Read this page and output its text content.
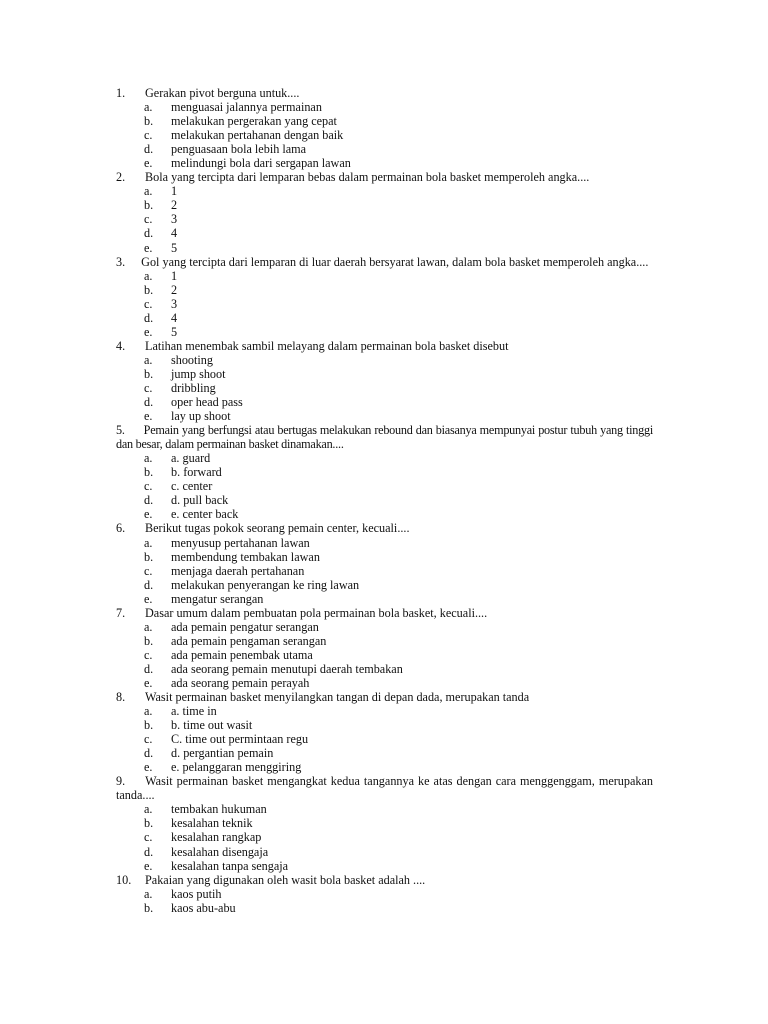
1. Gerakan pivot berguna untuk....
a. menguasai jalannya permainan
b. melakukan pergerakan yang cepat
c. melakukan pertahanan dengan baik
d. penguasaan bola lebih lama
e. melindungi bola dari sergapan lawan
2. Bola yang tercipta dari lemparan bebas dalam permainan bola basket memperoleh angka....
a. 1
b. 2
c. 3
d. 4
e. 5
3. Gol yang tercipta dari lemparan di luar daerah bersyarat lawan, dalam bola basket memperoleh angka....
a. 1
b. 2
c. 3
d. 4
e. 5
4. Latihan menembak sambil melayang dalam permainan bola basket disebut
a. shooting
b. jump shoot
c. dribbling
d. oper head pass
e. lay up shoot
5. Pemain yang berfungsi atau bertugas melakukan rebound dan biasanya mempunyai postur tubuh yang tinggi dan besar, dalam permainan basket dinamakan....
a. a. guard
b. b. forward
c. c. center
d. d. pull back
e. e. center back
6. Berikut tugas pokok seorang pemain center, kecuali....
a. menyusup pertahanan lawan
b. membendung tembakan lawan
c. menjaga daerah pertahanan
d. melakukan penyerangan ke ring lawan
e. mengatur serangan
7. Dasar umum dalam pembuatan pola permainan bola basket, kecuali....
a. ada pemain pengatur serangan
b. ada pemain pengaman serangan
c. ada pemain penembak utama
d. ada seorang pemain menutupi daerah tembakan
e. ada seorang pemain perayah
8. Wasit permainan basket menyilangkan tangan di depan dada, merupakan tanda
a. a. time in
b. b. time out wasit
c. C. time out permintaan regu
d. d. pergantian pemain
e. e. pelanggaran menggiring
9. Wasit permainan basket mengangkat kedua tangannya ke atas dengan cara menggenggam, merupakan tanda....
a. tembakan hukuman
b. kesalahan teknik
c. kesalahan rangkap
d. kesalahan disengaja
e. kesalahan tanpa sengaja
10. Pakaian yang digunakan oleh wasit bola basket adalah ....
a. kaos putih
b. kaos abu-abu
